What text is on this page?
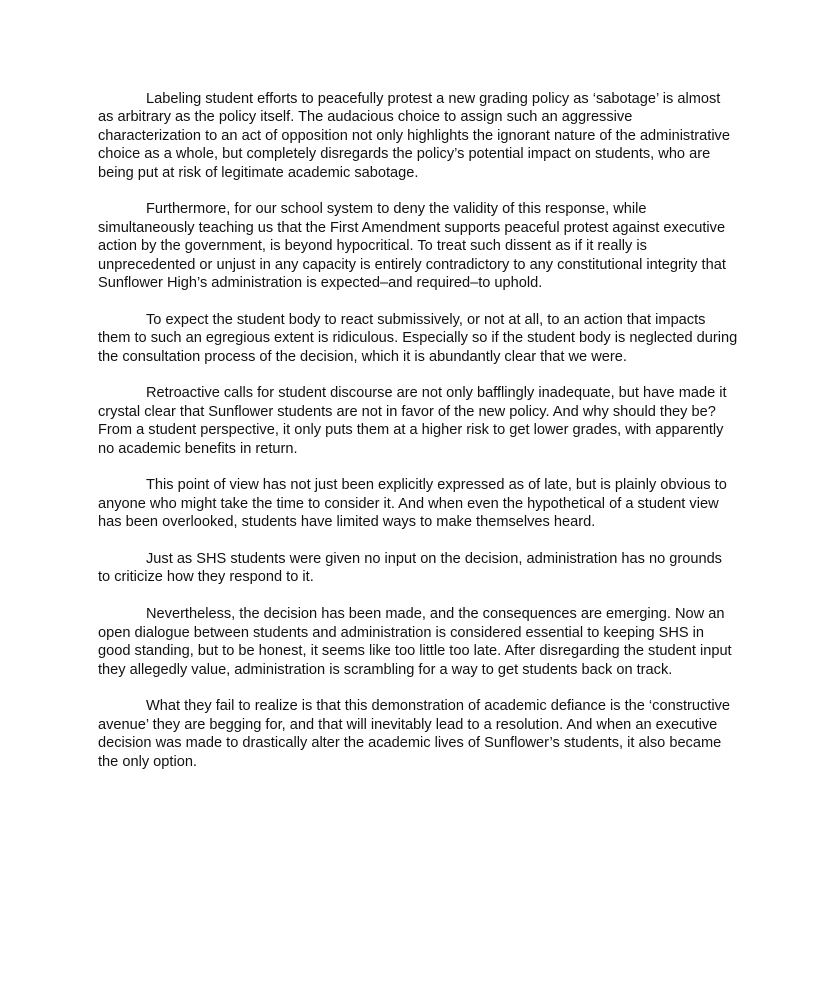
Labeling student efforts to peacefully protest a new grading policy as ‘sabotage’ is almost as arbitrary as the policy itself. The audacious choice to assign such an aggressive characterization to an act of opposition not only highlights the ignorant nature of the administrative choice as a whole, but completely disregards the policy’s potential impact on students, who are being put at risk of legitimate academic sabotage.

Furthermore, for our school system to deny the validity of this response, while simultaneously teaching us that the First Amendment supports peaceful protest against executive action by the government, is beyond hypocritical. To treat such dissent as if it really is unprecedented or unjust in any capacity is entirely contradictory to any constitutional integrity that Sunflower High’s administration is expected–and required–to uphold.

To expect the student body to react submissively, or not at all, to an action that impacts them to such an egregious extent is ridiculous. Especially so if the student body is neglected during the consultation process of the decision, which it is abundantly clear that we were.

Retroactive calls for student discourse are not only bafflingly inadequate, but have made it crystal clear that Sunflower students are not in favor of the new policy. And why should they be? From a student perspective, it only puts them at a higher risk to get lower grades, with apparently no academic benefits in return.

This point of view has not just been explicitly expressed as of late, but is plainly obvious to anyone who might take the time to consider it. And when even the hypothetical of a student view has been overlooked, students have limited ways to make themselves heard.

Just as SHS students were given no input on the decision, administration has no grounds to criticize how they respond to it.

Nevertheless, the decision has been made, and the consequences are emerging. Now an open dialogue between students and administration is considered essential to keeping SHS in good standing, but to be honest, it seems like too little too late. After disregarding the student input they allegedly value, administration is scrambling for a way to get students back on track.

What they fail to realize is that this demonstration of academic defiance is the ‘constructive avenue’ they are begging for, and that will inevitably lead to a resolution. And when an executive decision was made to drastically alter the academic lives of Sunflower’s students, it also became the only option.
